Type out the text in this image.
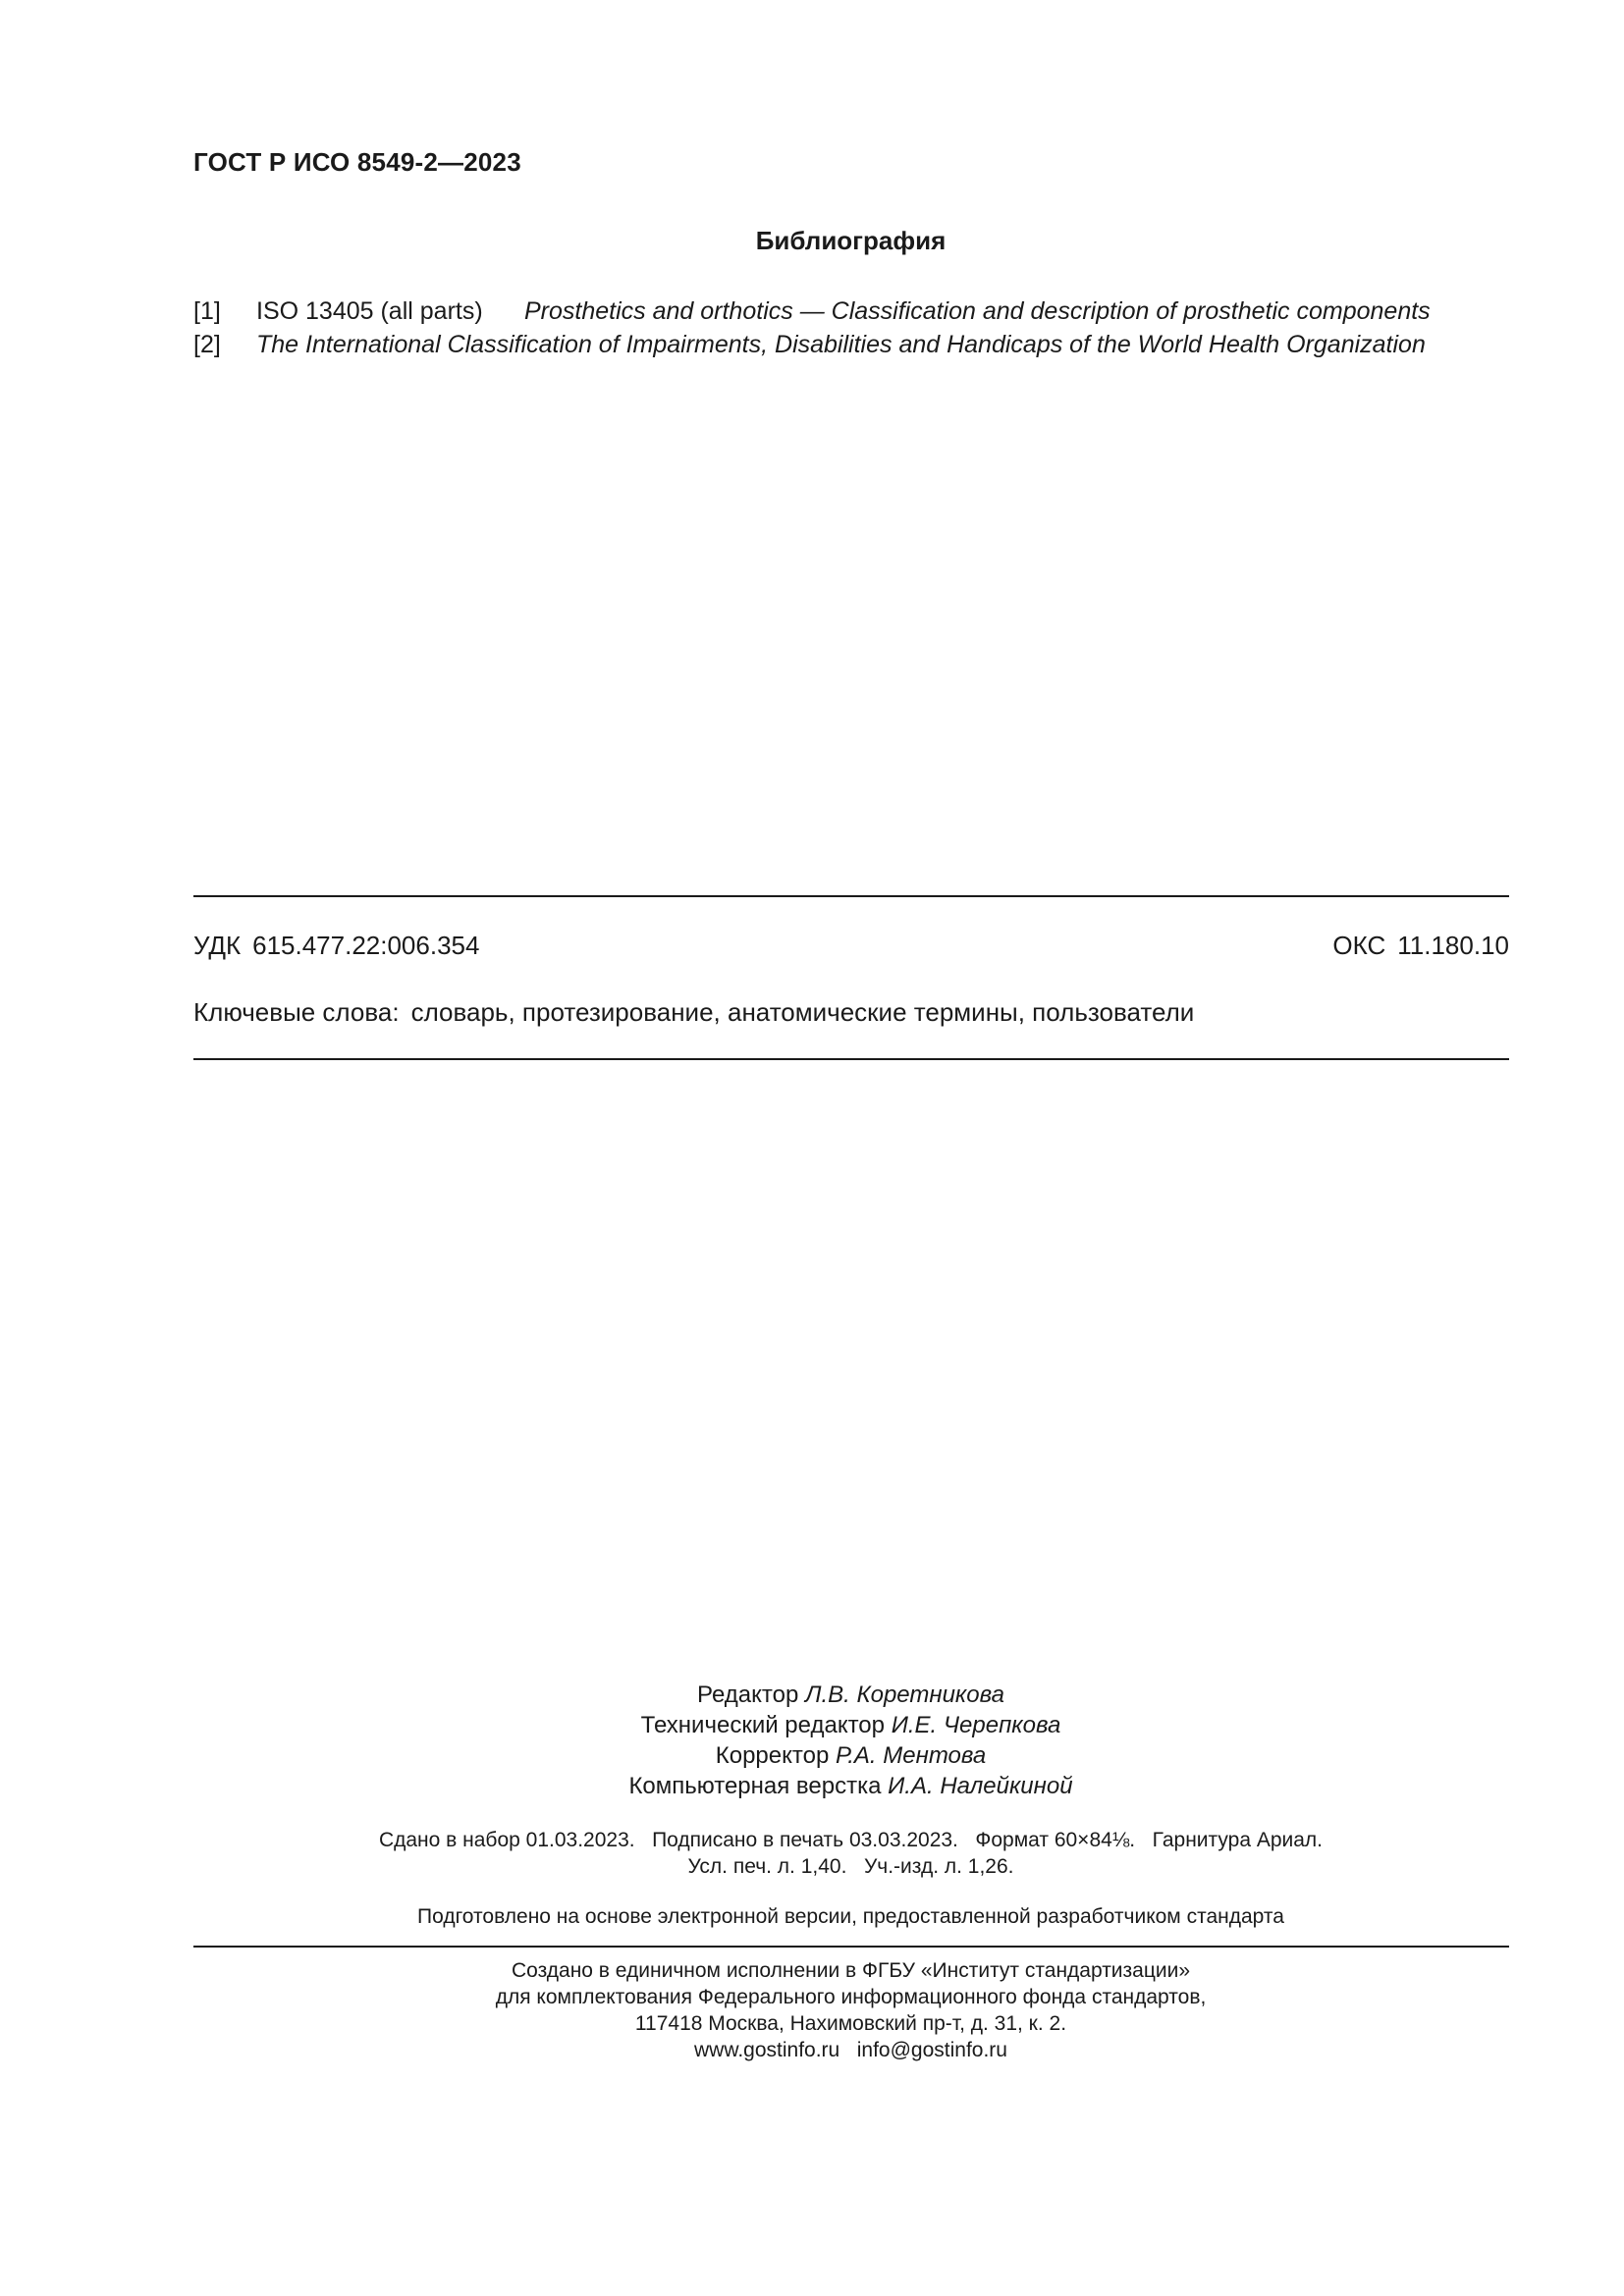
ГОСТ Р ИСО 8549-2—2023
Библиография
[1]	ISO 13405 (all parts)	Prosthetics and orthotics — Classification and description of prosthetic components
[2]	The International Classification of Impairments, Disabilities and Handicaps of the World Health Organization
УДК 615.477.22:006.354	ОКС 11.180.10
Ключевые слова: словарь, протезирование, анатомические термины, пользователи
Редактор Л.В. Коретникова
Технический редактор И.Е. Черепкова
Корректор Р.А. Ментова
Компьютерная верстка И.А. Налейкиной
Сдано в набор 01.03.2023.   Подписано в печать 03.03.2023.   Формат 60×84⅛.   Гарнитура Ариал.
Усл. печ. л. 1,40.   Уч.-изд. л. 1,26.
Подготовлено на основе электронной версии, предоставленной разработчиком стандарта
Создано в единичном исполнении в ФГБУ «Институт стандартизации»
для комплектования Федерального информационного фонда стандартов,
117418 Москва, Нахимовский пр-т, д. 31, к. 2.
www.gostinfo.ru info@gostinfo.ru
